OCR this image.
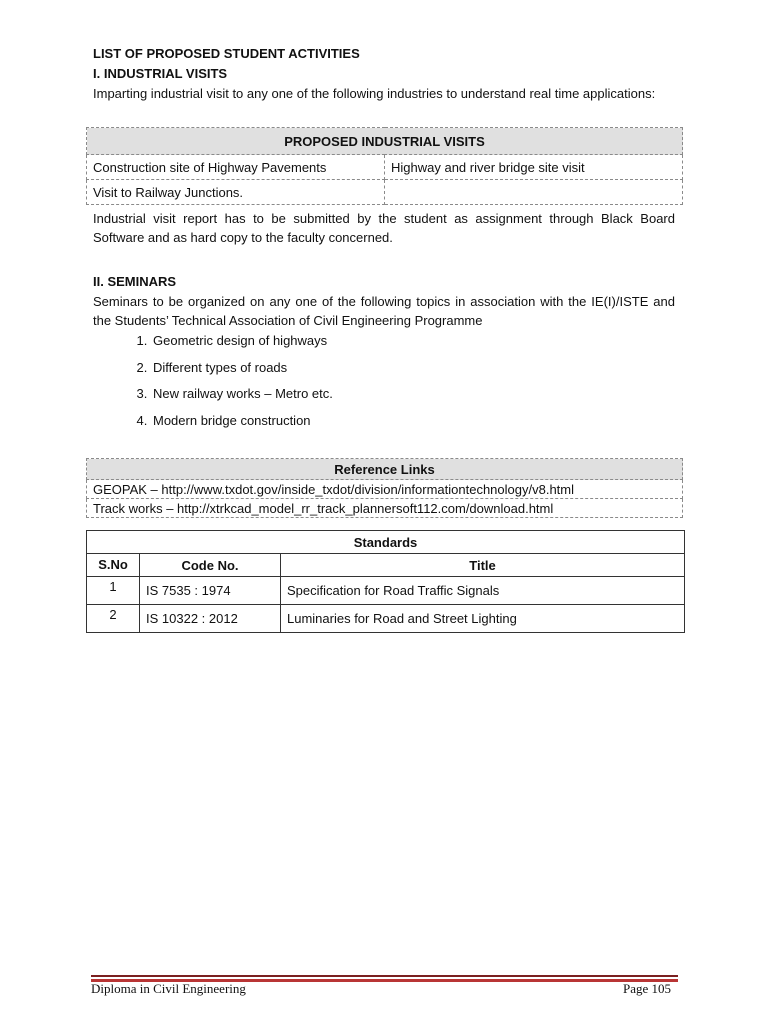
LIST OF PROPOSED STUDENT ACTIVITIES
I. INDUSTRIAL VISITS
Imparting industrial visit to any one of the following industries to understand real time applications:
PROPOSED INDUSTRIAL VISITS	
Construction site of Highway Pavements	Highway and river bridge site visit
Visit to Railway Junctions.	
Industrial visit report has to be submitted by the student as assignment through Black Board Software and as hard copy to the faculty concerned.
II. SEMINARS
Seminars to be organized on any one of the following topics in association with the IE(I)/ISTE and the Students’ Technical Association of Civil Engineering Programme
1. Geometric design of highways
2. Different types of roads
3. New railway works – Metro etc.
4. Modern bridge construction
Reference Links
GEOPAK – http://www.txdot.gov/inside_txdot/division/informationtechnology/v8.html
Track works – http://xtrkcad_model_rr_track_plannersoft112.com/download.html
Standards		
S.No	Code No.	Title
1	IS 7535 : 1974	Specification for Road Traffic Signals
2	IS 10322 : 2012	Luminaries for Road and Street Lighting
Diploma in Civil Engineering	Page 105
